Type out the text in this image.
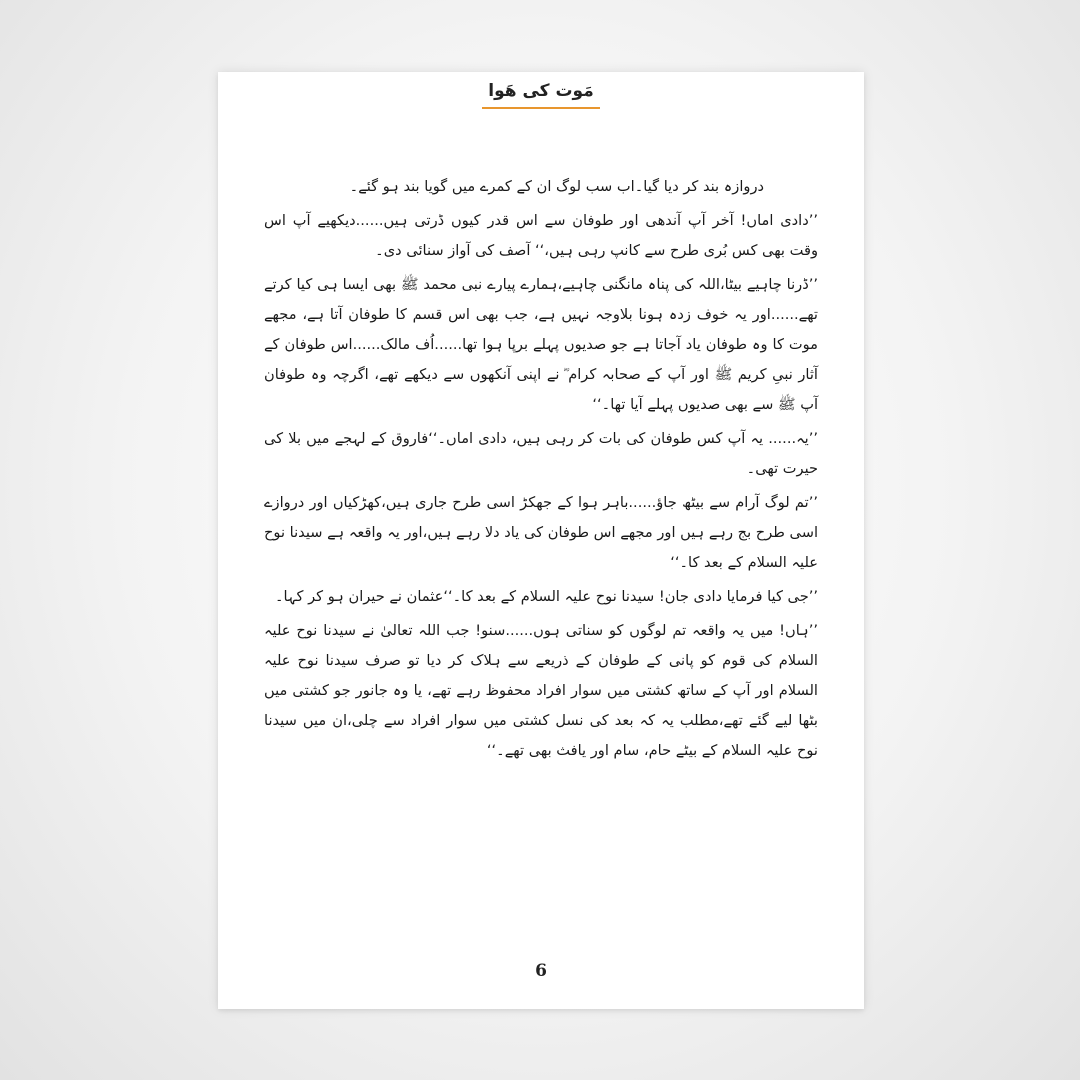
مَوت کی ھَوا

دروازہ بند کر دیا گیا۔اب سب لوگ ان کے کمرے میں گویا بند ہو گئے۔

’’دادی اماں! آخر آپ آندھی اور طوفان سے اس قدر کیوں ڈرتی ہیں......دیکھیے آپ اس وقت بھی کس بُری طرح سے کانپ رہی ہیں،‘‘ آصف کی آواز سنائی دی۔

’’ڈرنا چاہیے بیٹا،اللہ کی پناہ مانگنی چاہیے،ہمارے پیارے نبی محمد ﷺ بھی ایسا ہی کیا کرتے تھے......اور یہ خوف زدہ ہونا بلاوجہ نہیں ہے، جب بھی اس قسم کا طوفان آتا ہے، مجھے موت کا وہ طوفان یاد آجاتا ہے جو صدیوں پہلے برپا ہوا تھا......اُف مالک......اس طوفان کے آثار نبیِ کریم ﷺ اور آپ کے صحابہ کرام ؓ نے اپنی آنکھوں سے دیکھے تھے، اگرچہ وہ طوفان آپ ﷺ سے بھی صدیوں پہلے آیا تھا۔‘‘

’’یہ...... یہ آپ کس طوفان کی بات کر رہی ہیں، دادی اماں۔‘‘فاروق کے لہجے میں بلا کی حیرت تھی۔

’’تم لوگ آرام سے بیٹھ جاؤ......باہر ہوا کے جھکڑ اسی طرح جاری ہیں،کھڑکیاں اور دروازے اسی طرح بج رہے ہیں اور مجھے اس طوفان کی یاد دلا رہے ہیں،اور یہ واقعہ ہے سیدنا نوح علیہ السلام کے بعد کا۔‘‘

’’جی کیا فرمایا دادی جان! سیدنا نوح علیہ السلام کے بعد کا۔‘‘عثمان نے حیران ہو کر کہا۔

’’ہاں! میں یہ واقعہ تم لوگوں کو سناتی ہوں......سنو! جب اللہ تعالیٰ نے سیدنا نوح علیہ السلام کی قوم کو پانی کے طوفان کے ذریعے سے ہلاک کر دیا تو صرف سیدنا نوح علیہ السلام اور آپ کے ساتھ کشتی میں سوار افراد محفوظ رہے تھے، یا وہ جانور جو کشتی میں بٹھا لیے گئے تھے،مطلب یہ کہ بعد کی نسل کشتی میں سوار افراد سے چلی،ان میں سیدنا نوح علیہ السلام کے بیٹے حام، سام اور یافث بھی تھے۔‘‘

6
